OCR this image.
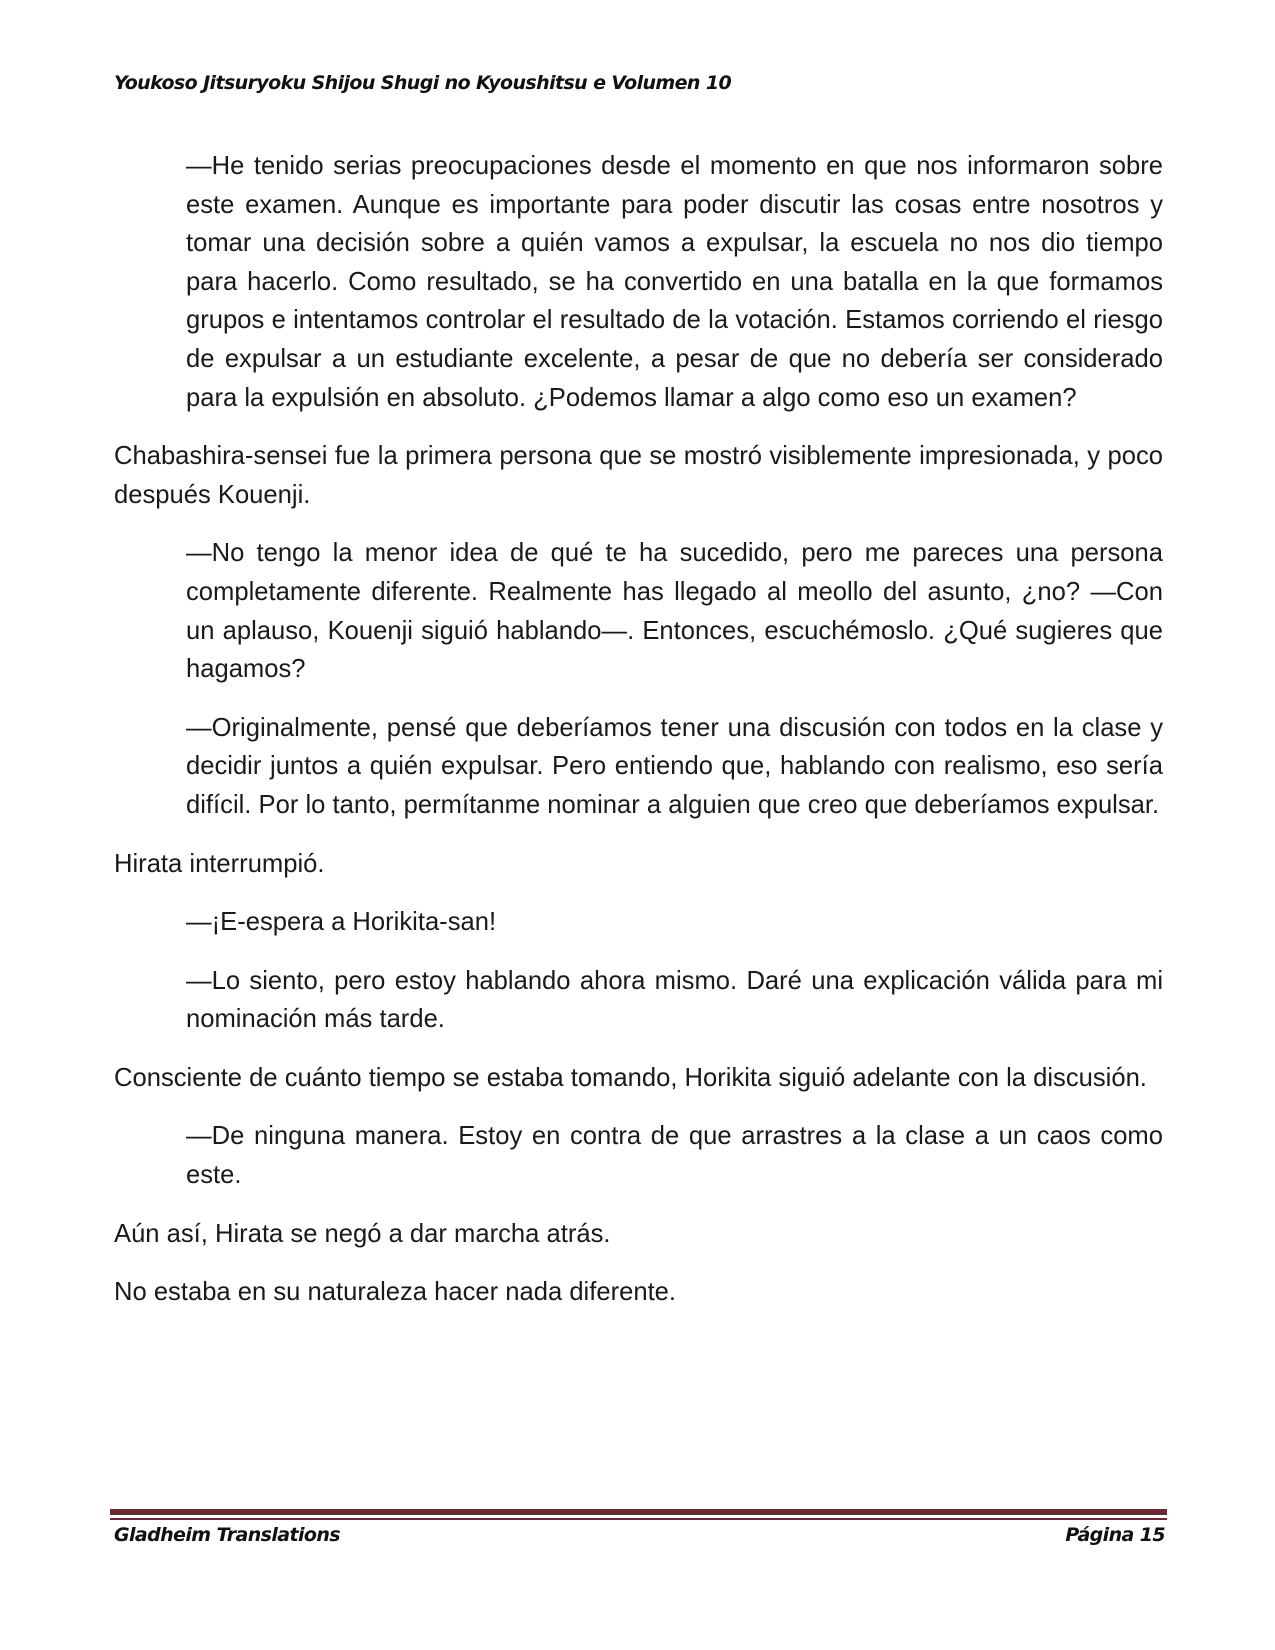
Youkoso Jitsuryoku Shijou Shugi no Kyoushitsu e Volumen 10

—He tenido serias preocupaciones desde el momento en que nos informaron sobre este examen. Aunque es importante para poder discutir las cosas entre nosotros y tomar una decisión sobre a quién vamos a expulsar, la escuela no nos dio tiempo para hacerlo. Como resultado, se ha convertido en una batalla en la que formamos grupos e intentamos controlar el resultado de la votación. Estamos corriendo el riesgo de expulsar a un estudiante excelente, a pesar de que no debería ser considerado para la expulsión en absoluto. ¿Podemos llamar a algo como eso un examen?

Chabashira-sensei fue la primera persona que se mostró visiblemente impresionada, y poco después Kouenji.

—No tengo la menor idea de qué te ha sucedido, pero me pareces una persona completamente diferente. Realmente has llegado al meollo del asunto, ¿no? —Con un aplauso, Kouenji siguió hablando—. Entonces, escuchémoslo. ¿Qué sugieres que hagamos?

—Originalmente, pensé que deberíamos tener una discusión con todos en la clase y decidir juntos a quién expulsar. Pero entiendo que, hablando con realismo, eso sería difícil. Por lo tanto, permítanme nominar a alguien que creo que deberíamos expulsar.

Hirata interrumpió.

—¡E-espera a Horikita-san!

—Lo siento, pero estoy hablando ahora mismo. Daré una explicación válida para mi nominación más tarde.

Consciente de cuánto tiempo se estaba tomando, Horikita siguió adelante con la discusión.

—De ninguna manera. Estoy en contra de que arrastres a la clase a un caos como este.

Aún así, Hirata se negó a dar marcha atrás.

No estaba en su naturaleza hacer nada diferente.

Gladheim Translations	Página 15
